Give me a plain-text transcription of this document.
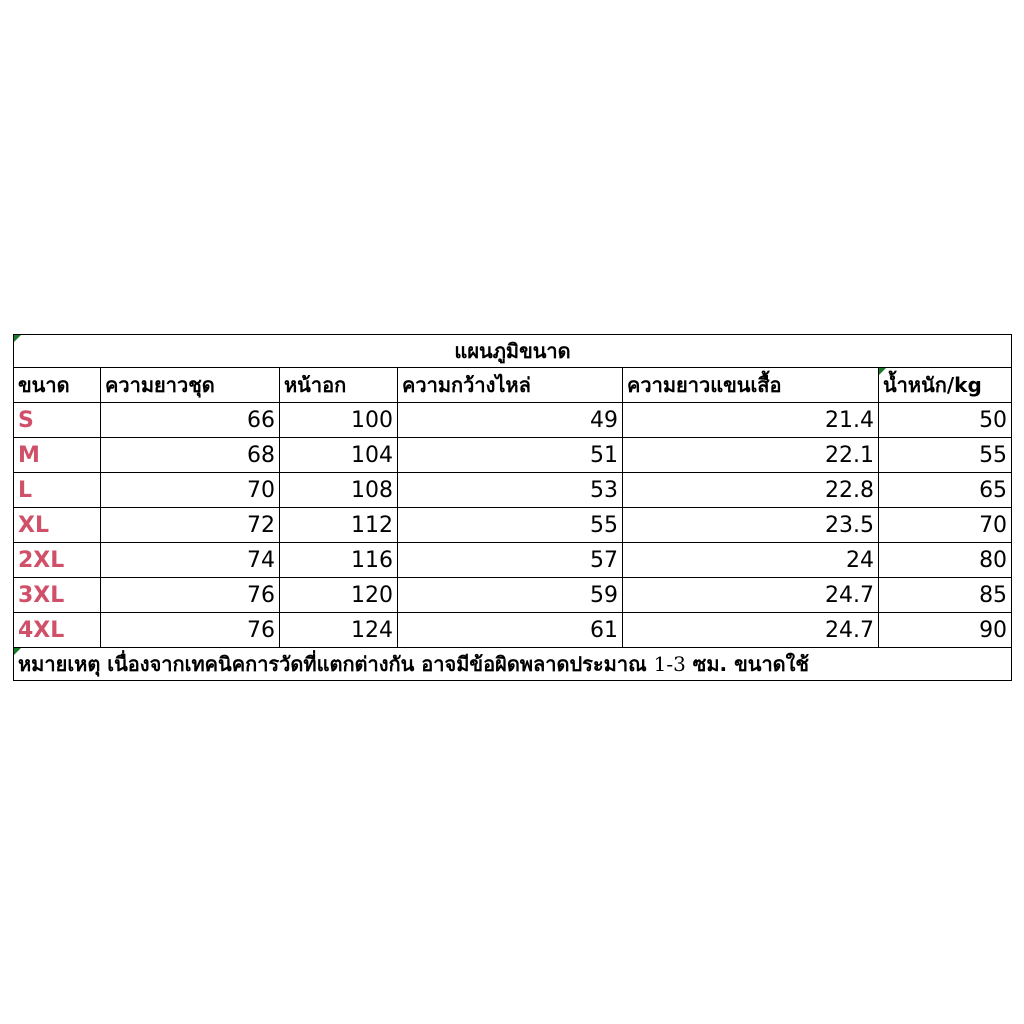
แผนภูมิขนาด					
ขนาด	ความยาวชุด	หน้าอก	ความกว้างไหล่	ความยาวแขนเสื้อ	น้ำหนัก/kg
S	66	100	49	21.4	50
M	68	104	51	22.1	55
L	70	108	53	22.8	65
XL	72	112	55	23.5	70
2XL	74	116	57	24	80
3XL	76	120	59	24.7	85
4XL	76	124	61	24.7	90

หมายเหตุ เนื่องจากเทคนิคการวัดที่แตกต่างกัน อาจมีข้อผิดพลาดประมาณ 1-3 ซม. ขนาดใช้					
